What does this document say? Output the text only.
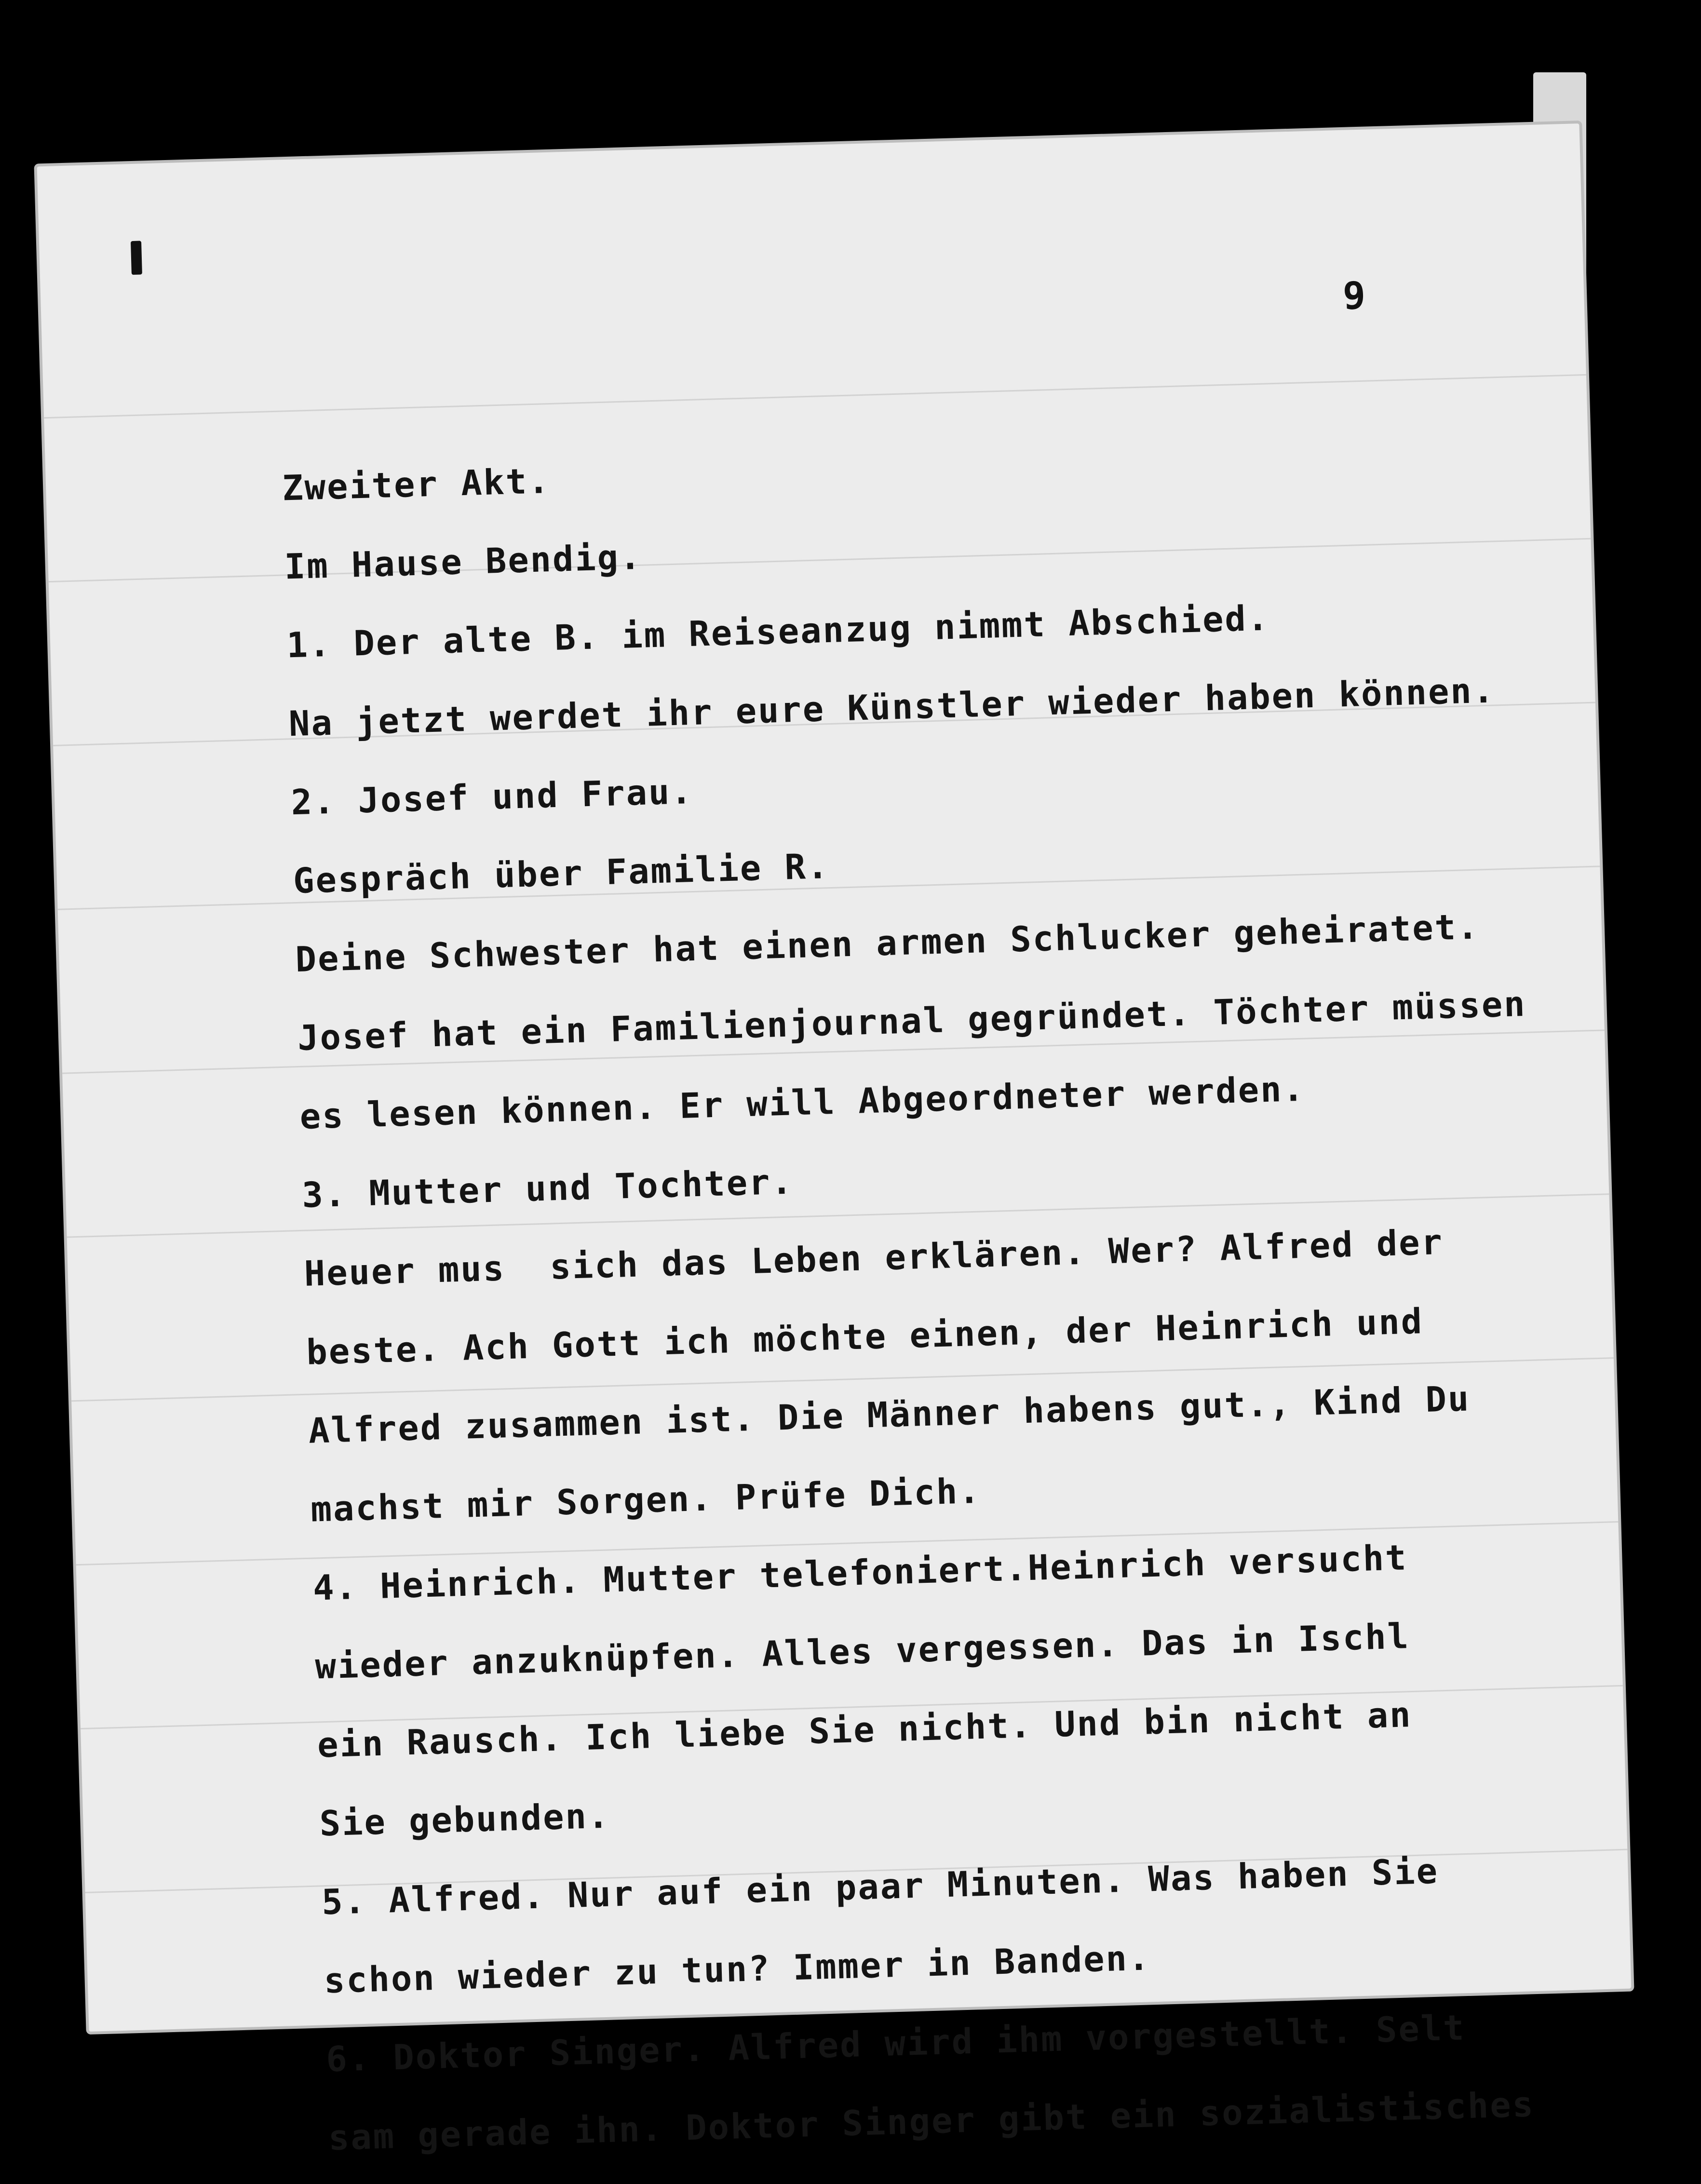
9
Zweiter Akt.
Im Hause Bendig.
1. Der alte B. im Reiseanzug nimmt Abschied.
Na jetzt werdet ihr eure Künstler wieder haben können.
2. Josef und Frau.
Gespräch über Familie R.
Deine Schwester hat einen armen Schlucker geheiratet.
Josef hat ein Familienjournal gegründet. Töchter müssen
es lesen können. Er will Abgeordneter werden.
3. Mutter und Tochter.
Heuer mus  sich das Leben erklären. Wer? Alfred der
beste. Ach Gott ich möchte einen, der Heinrich und
Alfred zusammen ist. Die Männer habens gut., Kind Du
machst mir Sorgen. Prüfe Dich.
4. Heinrich. Mutter telefoniert.Heinrich versucht
wieder anzuknüpfen. Alles vergessen. Das in Ischl
ein Rausch. Ich liebe Sie nicht. Und bin nicht an
Sie gebunden.
5. Alfred. Nur auf ein paar Minuten. Was haben Sie
schon wieder zu tun? Immer in Banden.
6. Doktor Singer. Alfred wird ihm vorgestellt. Selt
sam gerade ihn. Doktor Singer gibt ein sozialistisches
